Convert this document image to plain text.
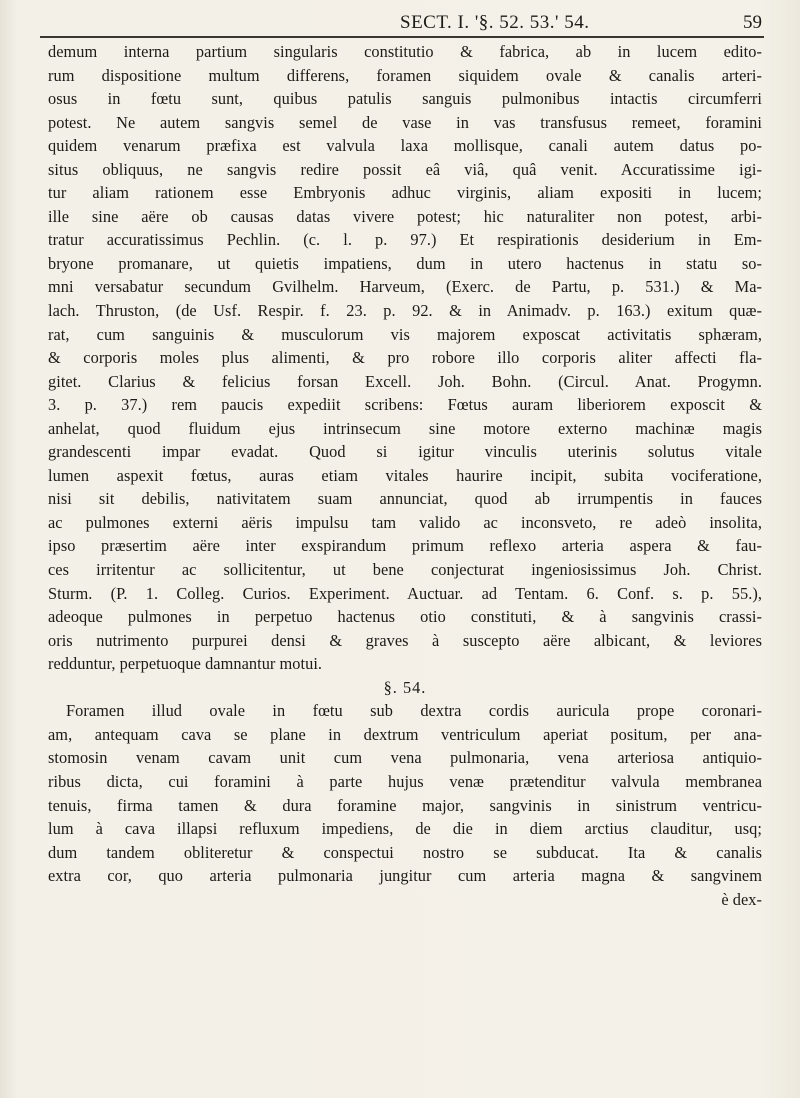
SECT. I. '§. 52. 53.' 54.	59
demum interna partium singularis constitutio & fabrica, ab in lucem edito-
rum dispositione multum differens, foramen siquidem ovale & canalis arteri-
osus in fœtu sunt, quibus patulis sanguis pulmonibus intactis circumferri
potest. Ne autem sangvis semel de vase in vas transfusus remeet, foramini
quidem venarum præfixa est valvula laxa mollisque, canali autem datus po-
situs obliquus, ne sangvis redire possit eâ viâ, quâ venit. Accuratissime igi-
tur aliam rationem esse Embryonis adhuc virginis, aliam expositi in lucem;
ille sine aëre ob causas datas vivere potest; hic naturaliter non potest, arbi-
tratur accuratissimus Pechlin. (c. l. p. 97.) Et respirationis desiderium in Em-
bryone promanare, ut quietis impatiens, dum in utero hactenus in statu so-
mni versabatur secundum Gvilhelm. Harveum, (Exerc. de Partu, p. 531.) & Ma-
lach. Thruston, (de Usf. Respir. f. 23. p. 92. & in Animadv. p. 163.) exitum quæ-
rat, cum sanguinis & musculorum vis majorem exposcat activitatis sphæram,
& corporis moles plus alimenti, & pro robore illo corporis aliter affecti fla-
gitet. Clarius & felicius forsan Excell. Joh. Bohn. (Circul. Anat. Progymn.
3. p. 37.) rem paucis expediit scribens: Fœtus auram liberiorem exposcit &
anhelat, quod fluidum ejus intrinsecum sine motore externo machinæ magis
grandescenti impar evadat. Quod si igitur vinculis uterinis solutus vitale
lumen aspexit fœtus, auras etiam vitales haurire incipit, subita vociferatione,
nisi sit debilis, nativitatem suam annunciat, quod ab irrumpentis in fauces
ac pulmones externi aëris impulsu tam valido ac inconsveto, re adeò insolita,
ipso præsertim aëre inter exspirandum primum reflexo arteria aspera & fau-
ces irritentur ac sollicitentur, ut bene conjecturat ingeniosissimus Joh. Christ.
Sturm. (P. 1. Colleg. Curios. Experiment. Auctuar. ad Tentam. 6. Conf. s. p. 55.),
adeoque pulmones in perpetuo hactenus otio constituti, & à sangvinis crassi-
oris nutrimento purpurei densi & graves à suscepto aëre albicant, & leviores
redduntur, perpetuoque damnantur motui.
§. 54.
Foramen illud ovale in fœtu sub dextra cordis auricula prope coronari-
am, antequam cava se plane in dextrum ventriculum aperiat positum, per ana-
stomosin venam cavam unit cum vena pulmonaria, vena arteriosa antiquio-
ribus dicta, cui foramini à parte hujus venæ prætenditur valvula membranea
tenuis, firma tamen & dura foramine major, sangvinis in sinistrum ventricu-
lum à cava illapsi refluxum impediens, de die in diem arctius clauditur, usq;
dum tandem obliteretur & conspectui nostro se subducat. Ita & canalis
extra cor, quo arteria pulmonaria jungitur cum arteria magna & sangvinem
è dex-
